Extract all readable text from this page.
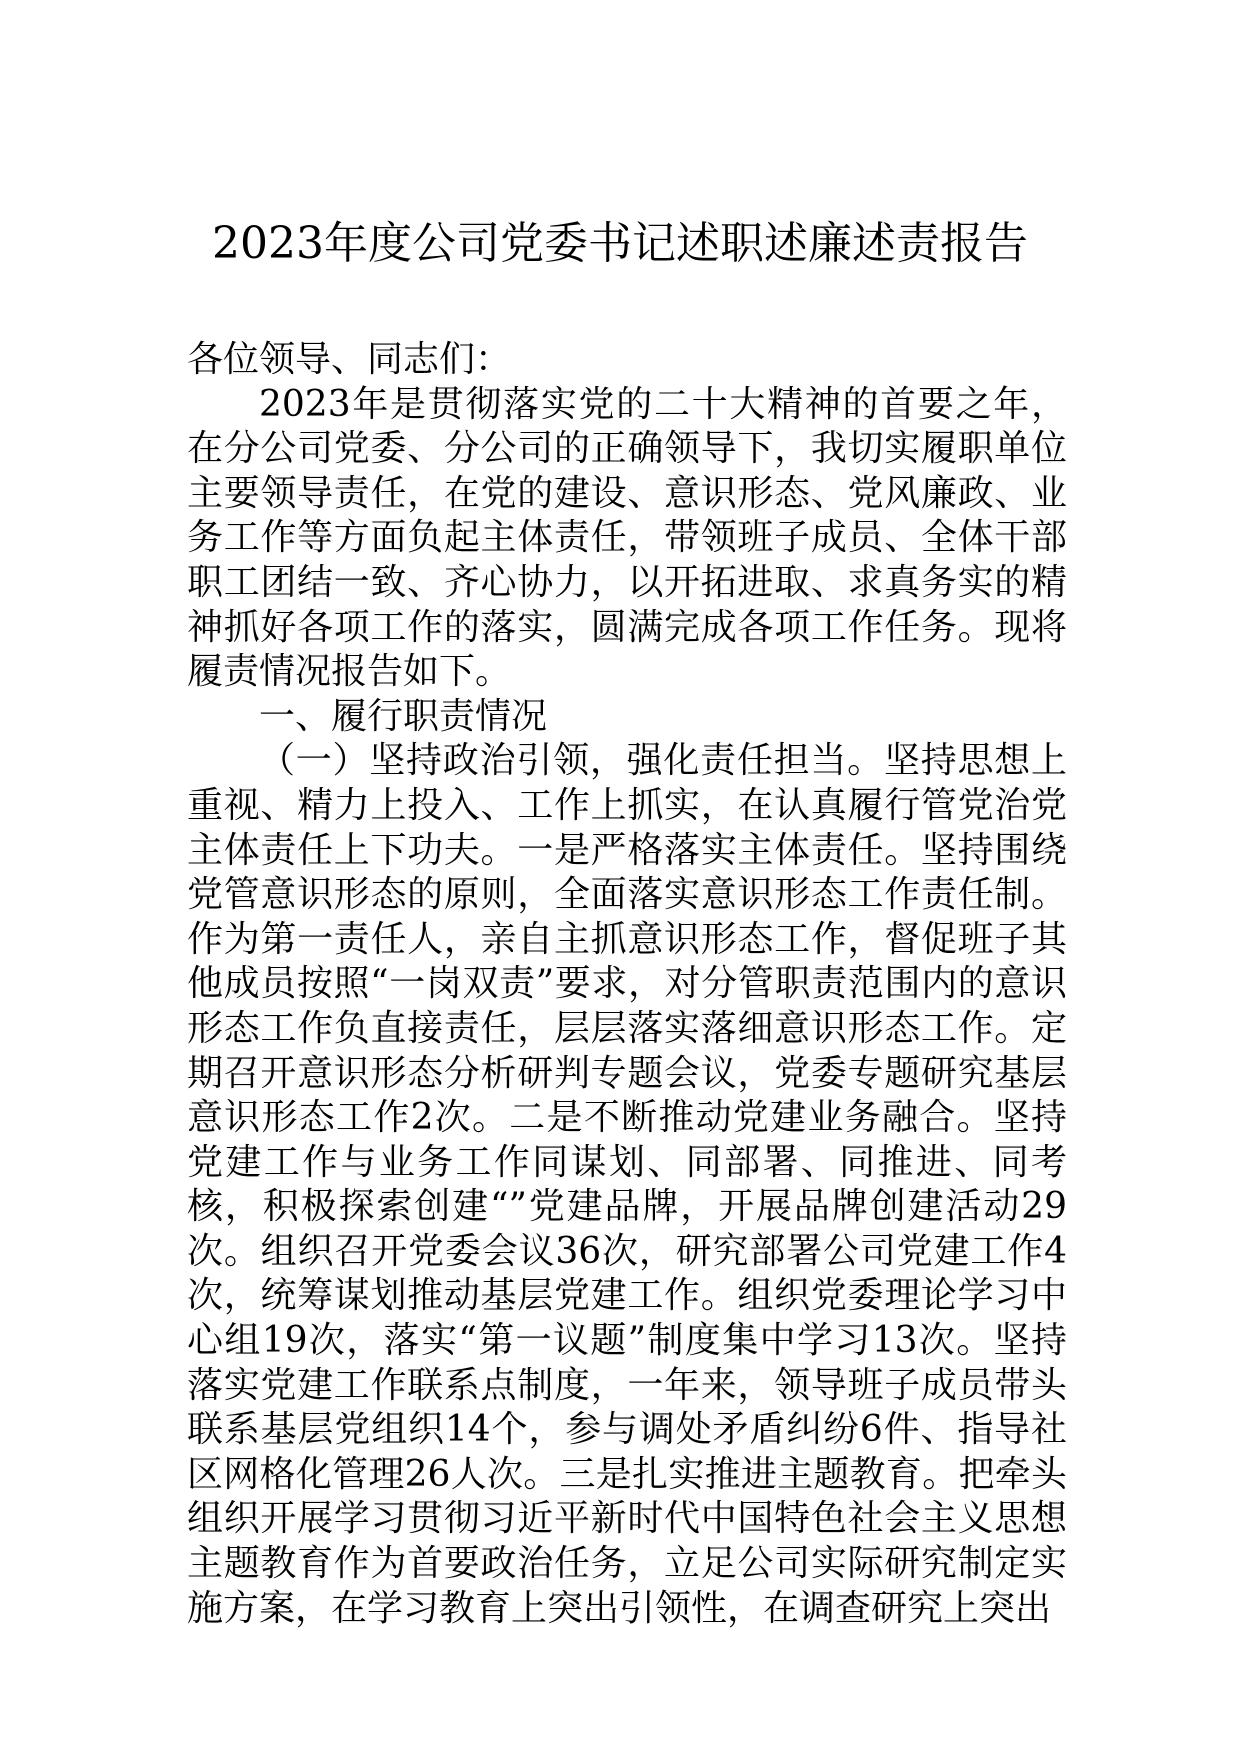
2023年度公司党委书记述职述廉述责报告

各位领导、同志们：

2023年是贯彻落实党的二十大精神的首要之年，在分公司党委、分公司的正确领导下，我切实履职单位主要领导责任，在党的建设、意识形态、党风廉政、业务工作等方面负起主体责任，带领班子成员、全体干部职工团结一致、齐心协力，以开拓进取、求真务实的精神抓好各项工作的落实，圆满完成各项工作任务。现将履责情况报告如下。

一、履行职责情况

（一）坚持政治引领，强化责任担当。坚持思想上重视、精力上投入、工作上抓实，在认真履行管党治党主体责任上下功夫。一是严格落实主体责任。坚持围绕党管意识形态的原则，全面落实意识形态工作责任制。作为第一责任人，亲自主抓意识形态工作，督促班子其他成员按照“一岗双责”要求，对分管职责范围内的意识形态工作负直接责任，层层落实落细意识形态工作。定期召开意识形态分析研判专题会议，党委专题研究基层意识形态工作2次。二是不断推动党建业务融合。坚持党建工作与业务工作同谋划、同部署、同推进、同考核，积极探索创建“”党建品牌，开展品牌创建活动29次。组织召开党委会议36次，研究部署公司党建工作4次，统筹谋划推动基层党建工作。组织党委理论学习中心组19次，落实“第一议题”制度集中学习13次。坚持落实党建工作联系点制度，一年来，领导班子成员带头联系基层党组织14个，参与调处矛盾纠纷6件、指导社区网格化管理26人次。三是扎实推进主题教育。把牵头组织开展学习贯彻习近平新时代中国特色社会主义思想主题教育作为首要政治任务，立足公司实际研究制定实施方案，在学习教育上突出引领性，在调查研究上突出
